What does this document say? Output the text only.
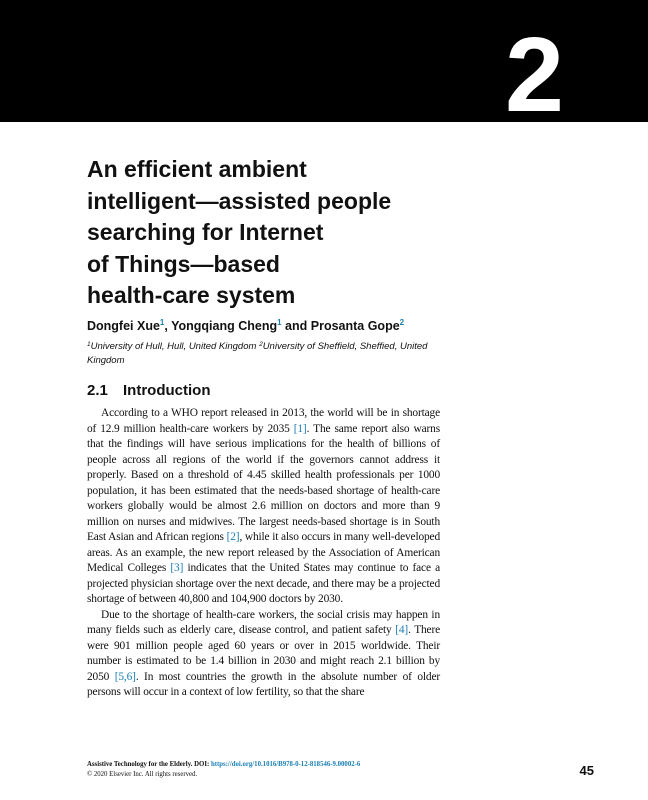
2
An efficient ambient
intelligent—assisted people
searching for Internet
of Things—based
health-care system
Dongfei Xue$^1$, Yongqiang Cheng$^1$ and Prosanta Gope$^2$
$^1$University of Hull, Hull, United Kingdom $^2$University of Sheffield, Sheffied, United Kingdom
2.1 Introduction

According to a WHO report released in 2013, the world will be in shortage of 12.9 million health-care workers by 2035 [1]. The same report also warns that the findings will have serious implications for the health of billions of people across all regions of the world if the governors cannot address it properly. Based on a threshold of 4.45 skilled health professionals per 1000 population, it has been estimated that the needs-based shortage of health-care workers globally would be almost 2.6 million on doctors and more than 9 million on nurses and midwives. The largest needs-based shortage is in South East Asian and African regions [2], while it also occurs in many well-developed areas. As an example, the new report released by the Association of American Medical Colleges [3] indicates that the United States may continue to face a projected physician shortage over the next decade, and there may be a projected shortage of between 40,800 and 104,900 doctors by 2030.

Due to the shortage of health-care workers, the social crisis may happen in many fields such as elderly care, disease control, and patient safety [4]. There were 901 million people aged 60 years or over in 2015 worldwide. Their number is estimated to be 1.4 billion in 2030 and might reach 2.1 billion by 2050 [5,6]. In most countries the growth in the absolute number of older persons will occur in a context of low fertility, so that the share

Assistive Technology for the Elderly. DOI: https://doi.org/10.1016/B978-0-12-818546-9.00002-6
© 2020 Elsevier Inc. All rights reserved.	45
